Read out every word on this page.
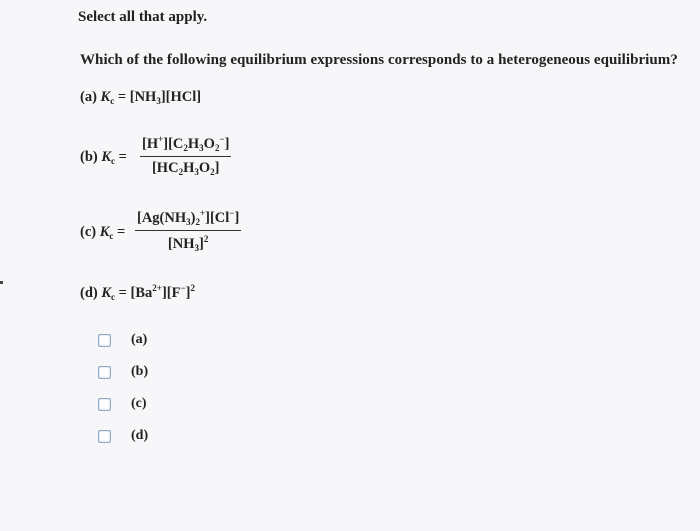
Select all that apply.
Which of the following equilibrium expressions corresponds to a heterogeneous equilibrium?
(a) $K_c = [NH_3][HCl]$
(b) $K_c$ =
$[H^+][C_2H_3O_2^-]$
$[HC_2H_3O_2]$
(c) $K_c$ =
$[Ag(NH_3)_2^+][Cl^-]$
$[NH_3]^2$
(d) $K_c = [Ba^{2+}][F^-]^2$
(a)
(b)
(c)
(d)
